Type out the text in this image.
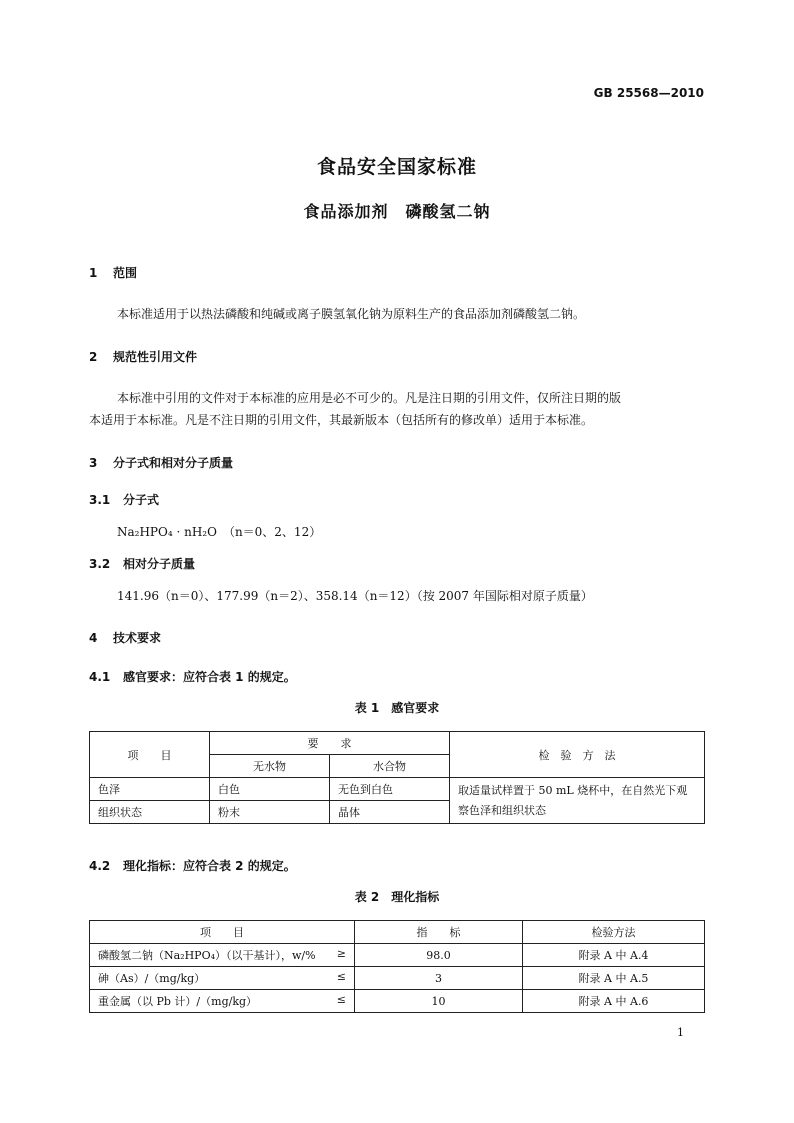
GB 25568—2010
食品安全国家标准
食品添加剂　磷酸氢二钠
1 范围
本标准适用于以热法磷酸和纯碱或离子膜氢氧化钠为原料生产的食品添加剂磷酸氢二钠。
2 规范性引用文件
本标准中引用的文件对于本标准的应用是必不可少的。凡是注日期的引用文件，仅所注日期的版
本适用于本标准。凡是不注日期的引用文件，其最新版本（包括所有的修改单）适用于本标准。
3 分子式和相对分子质量
3.1 分子式
Na₂HPO₄ · nH₂O　（n＝0、2、12）
3.2 相对分子质量
141.96（n＝0）、177.99（n＝2）、358.14（n＝12）（按 2007 年国际相对原子质量）
4 技术要求
4.1 感官要求：应符合表 1 的规定。
表 1　感官要求
项　　目	要　　求		检　验　方　法
	无水物	水合物	
色泽	白色	无色到白色	取适量试样置于 50 mL 烧杯中，在自然光下观
察色泽和组织状态

组织状态	粉末	晶体	
4.2 理化指标：应符合表 2 的规定。
表 2　理化指标
项　　目	指　　标	检验方法

磷酸氢二钠（Na₂HPO₄）（以干基计），w/% ≥	98.0	附录 A 中 A.4

砷（As）/（mg/kg） ≤	3	附录 A 中 A.5

重金属（以 Pb 计）/（mg/kg） ≤	10	附录 A 中 A.6
1
